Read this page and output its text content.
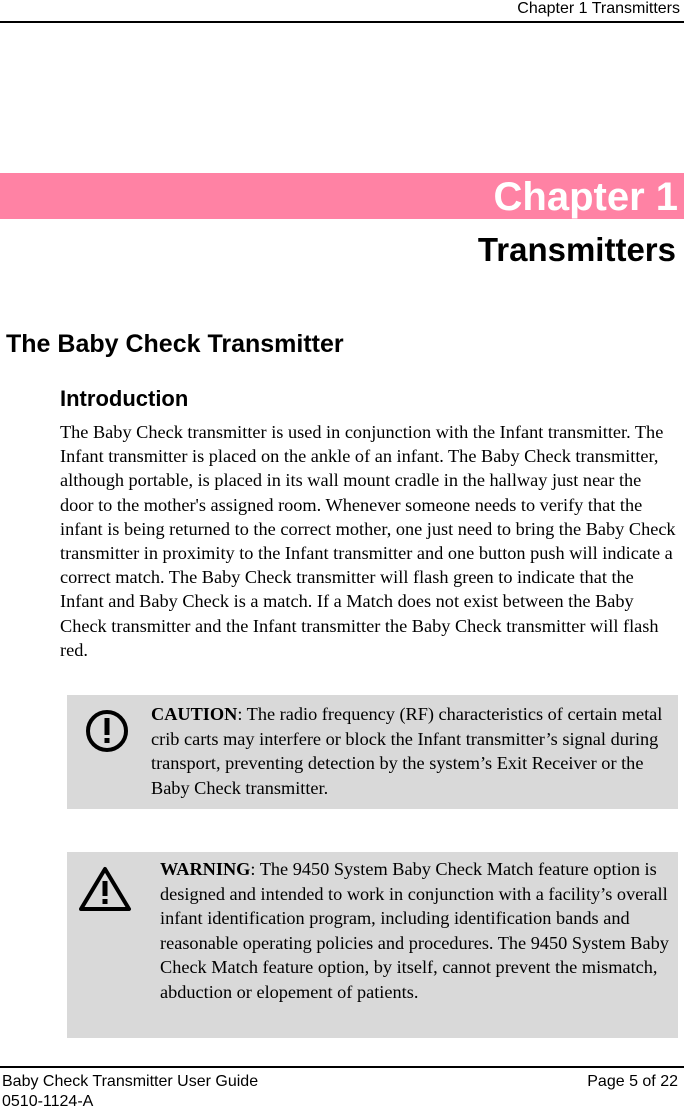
Chapter 1 Transmitters
Chapter 1
Transmitters
The Baby Check Transmitter
Introduction

The Baby Check transmitter is used in conjunction with the Infant transmitter. The Infant transmitter is placed on the ankle of an infant. The Baby Check transmitter, although portable, is placed in its wall mount cradle in the hallway just near the door to the mother's assigned room. Whenever someone needs to verify that the infant is being returned to the correct mother, one just need to bring the Baby Check transmitter in proximity to the Infant transmitter and one button push will indicate a correct match. The Baby Check transmitter will flash green to indicate that the Infant and Baby Check is a match. If a Match does not exist between the Baby Check transmitter and the Infant transmitter the Baby Check transmitter will flash red.

CAUTION: The radio frequency (RF) characteristics of certain metal crib carts may interfere or block the Infant transmitter’s signal during transport, preventing detection by the system’s Exit Receiver or the Baby Check transmitter.

WARNING: The 9450 System Baby Check Match feature option is designed and intended to work in conjunction with a facility’s overall infant identification program, including identification bands and reasonable operating policies and procedures. The 9450 System Baby Check Match feature option, by itself, cannot prevent the mismatch, abduction or elopement of patients.

Baby Check Transmitter User Guide	Page 5 of 22
0510-1124-A
